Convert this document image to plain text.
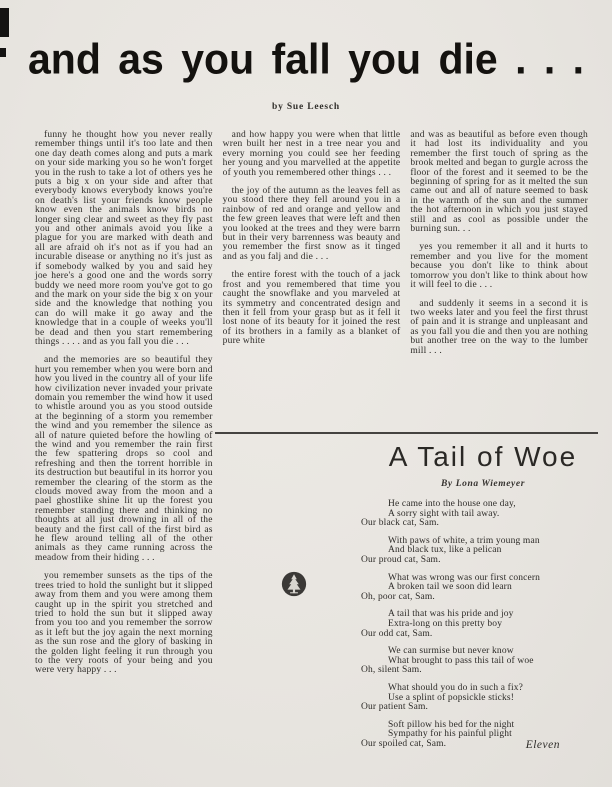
and as you fall you die . . .
by Sue Leesch

funny he thought how you never really remember things until it's too late and then one day death comes along and puts a mark on your side marking you so he won't forget you in the rush to take a lot of others yes he puts a big x on your side and after that everybody knows everybody knows you're on death's list your friends know people know even the animals know birds no longer sing clear and sweet as they fly past you and other animals avoid you like a plague for you are marked with death and all are afraid oh it's not as if you had an incurable disease or anything no it's just as if somebody walked by you and said hey joe here's a good one and the words sorry buddy we need more room you've got to go and the mark on your side the big x on your side and the knowledge that nothing you can do will make it go away and the knowledge that in a couple of weeks you'll be dead and then you start remembering things . . . . and as you fall you die . . .

and the memories are so beautiful they hurt you remember when you were born and how you lived in the country all of your life how civilization never invaded your private domain you remember the wind how it used to whistle around you as you stood outside at the beginning of a storm you remember the wind and you remember the silence as all of nature quieted before the howling of the wind and you remember the rain first the few spattering drops so cool and refreshing and then the torrent horrible in its destruction but beautiful in its horror you remember the clearing of the storm as the clouds moved away from the moon and a pael ghostlike shine lit up the forest you remember standing there and thinking no thoughts at all just drowning in all of the beauty and the first call of the first bird as he flew around telling all of the other animals as they came running across the meadow from their hiding . . .

you remember sunsets as the tips of the trees tried to hold the sunlight but it slipped away from them and you were among them caught up in the spirit you stretched and tried to hold the sun but it slipped away from you too and you remember the sorrow as it left but the joy again the next morning as the sun rose and the glory of basking in the golden light feeling it run through you to the very roots of your being and you were very happy . . .

and how happy you were when that little wren built her nest in a tree near you and every morning you could see her feeding her young and you marvelled at the appetite of youth you remembered other things . . .

the joy of the autumn as the leaves fell as you stood there they fell around you in a rainbow of red and orange and yellow and the few green leaves that were left and then you looked at the trees and they were barrn but in their very barrenness was beauty and you remember the first snow as it tinged and as you falj and die . . .

the entire forest with the touch of a jack frost and you remembered that time you caught the snowflake and you marveled at its symmetry and concentrated design and then it fell from your grasp but as it fell it lost none of its beauty for it joined the rest of its brothers in a family as a blanket of pure white

and was as beautiful as before even though it had lost its individuality and you remember the first touch of spring as the brook melted and began to gurgle across the floor of the forest and it seemed to be the beginning of spring for as it melted the sun came out and all of nature seemed to bask in the warmth of the sun and the summer the hot afternoon in which you just stayed still and as cool as possible under the burning sun. . .

yes you remember it all and it hurts to remember and you live for the moment because you don't like to think about tomorrow you don't like to think about how it will feel to die . . .

and suddenly it seems in a second it is two weeks later and you feel the first thrust of pain and it is strange and unpleasant and as you fall you die and then you are nothing but another tree on the way to the lumber mill . . .

A Tail of Woe
By Lona Wiemeyer
He came into the house one day,
A sorry sight with tail away.
Our black cat, Sam.
With paws of white, a trim young man
And black tux, like a pelican
Our proud cat, Sam.
What was wrong was our first concern
A broken tail we soon did learn
Oh, poor cat, Sam.
A tail that was his pride and joy
Extra-long on this pretty boy
Our odd cat, Sam.
We can surmise but never know
What brought to pass this tail of woe
Oh, silent Sam.
What should you do in such a fix?
Use a splint of popsickle sticks!
Our patient Sam.
Soft pillow his bed for the night
Sympathy for his painful plight
Our spoiled cat, Sam.	Eleven
